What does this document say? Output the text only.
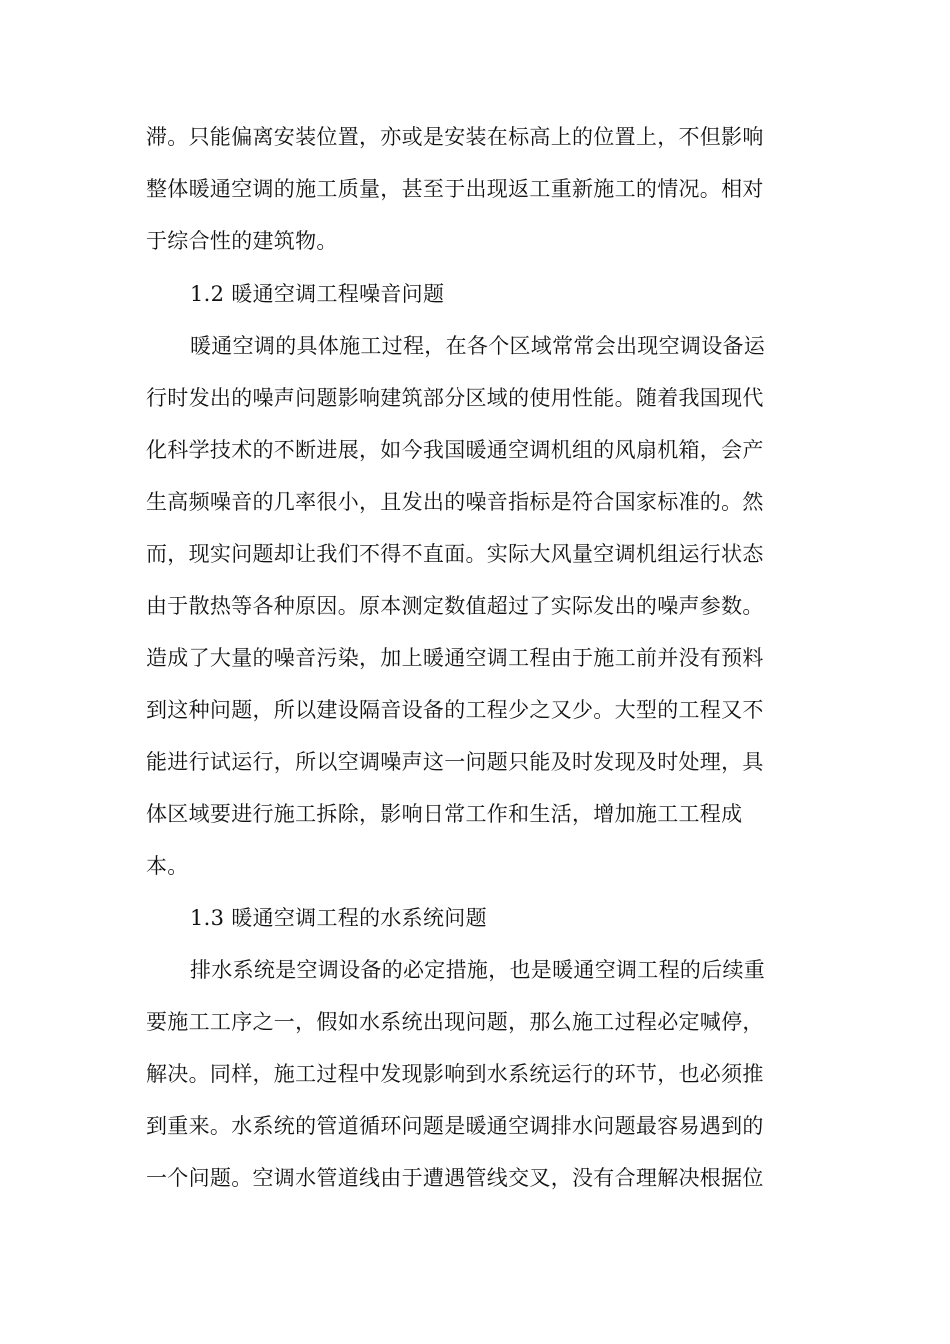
滞。只能偏离安装位置，亦或是安装在标高上的位置上，不但影响
整体暖通空调的施工质量，甚至于出现返工重新施工的情况。相对
于综合性的建筑物。
1.2 暖通空调工程噪音问题
暖通空调的具体施工过程，在各个区域常常会出现空调设备运
行时发出的噪声问题影响建筑部分区域的使用性能。随着我国现代
化科学技术的不断进展，如今我国暖通空调机组的风扇机箱，会产
生高频噪音的几率很小，且发出的噪音指标是符合国家标准的。然
而，现实问题却让我们不得不直面。实际大风量空调机组运行状态
由于散热等各种原因。原本测定数值超过了实际发出的噪声参数。
造成了大量的噪音污染，加上暖通空调工程由于施工前并没有预料
到这种问题，所以建设隔音设备的工程少之又少。大型的工程又不
能进行试运行，所以空调噪声这一问题只能及时发现及时处理，具
体区域要进行施工拆除，影响日常工作和生活，增加施工工程成
本。
1.3 暖通空调工程的水系统问题
排水系统是空调设备的必定措施，也是暖通空调工程的后续重
要施工工序之一，假如水系统出现问题，那么施工过程必定喊停，
解决。同样，施工过程中发现影响到水系统运行的环节，也必须推
到重来。水系统的管道循环问题是暖通空调排水问题最容易遇到的
一个问题。空调水管道线由于遭遇管线交叉，没有合理解决根据位
